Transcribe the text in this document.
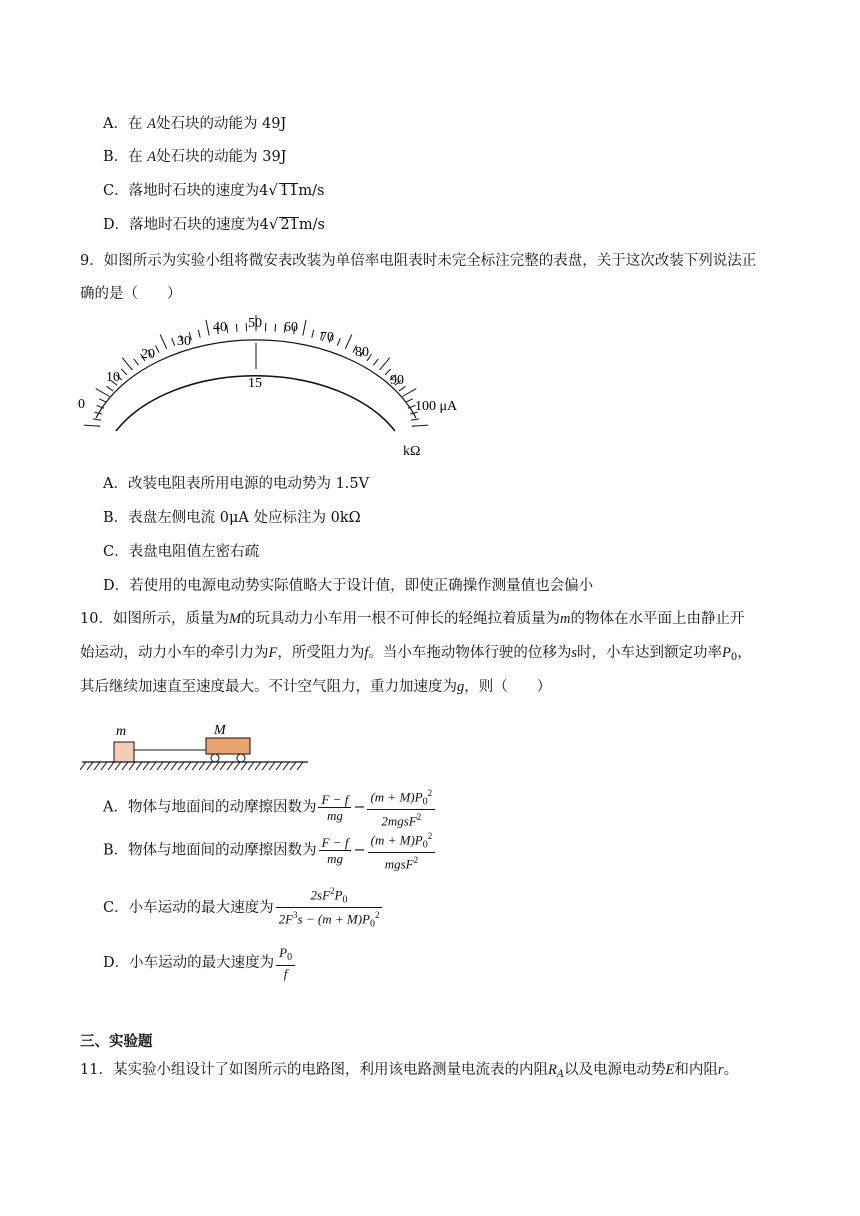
A．在 A处石块的动能为 49J
B．在 A处石块的动能为 39J
C．落地时石块的速度为4√ 11m/s
D．落地时石块的速度为4√ 21m/s
9．如图所示为实验小组将微安表改装为单倍率电阻表时未完全标注完整的表盘，关于这次改装下列说法正
确的是（　　）
0
10
20
30
40 50 60
70
80
90
100 μA
15
kΩ
A．改装电阻表所用电源的电动势为 1.5V
B．表盘左侧电流 0μA 处应标注为 0kΩ
C．表盘电阻值左密右疏
D．若使用的电源电动势实际值略大于设计值，即使正确操作测量值也会偏小
10．如图所示，质量为M的玩具动力小车用一根不可伸长的轻绳拉着质量为m的物体在水平面上由静止开
始运动，动力小车的牵引力为F，所受阻力为f。当小车拖动物体行驶的位移为s时，小车达到额定功率$P_0$，
其后继续加速直至速度最大。不计空气阻力，重力加速度为g，则（　　）
m	M
A．物体与地面间的动摩擦因数为 $\frac{F - f}{mg} - \frac{(m + M)P_0^2}{2mgsF^2}$
B．物体与地面间的动摩擦因数为 $\frac{F - f}{mg} - \frac{(m + M)P_0^2}{mgsF^2}$
C．小车运动的最大速度为 $\frac{2sF^2P_0}{2F^3s - (m + M)P_0^2}$
D．小车运动的最大速度为 $\frac{P_0}{f}$
三、实验题
11．某实验小组设计了如图所示的电路图，利用该电路测量电流表的内阻$R_A$以及电源电动势E和内阻r。
